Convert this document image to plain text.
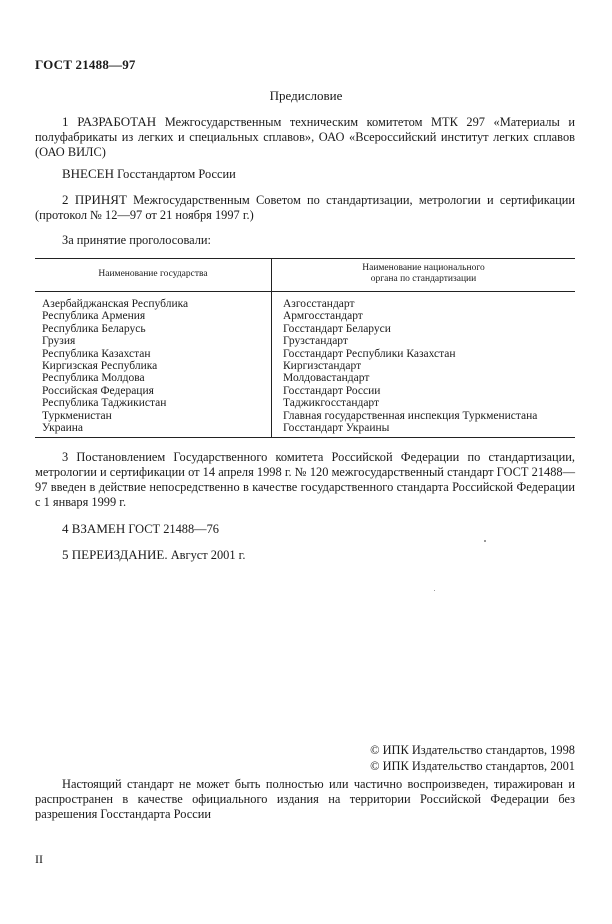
ГОСТ 21488—97
Предисловие
1 РАЗРАБОТАН Межгосударственным техническим комитетом МТК 297 «Материалы и полуфабрикаты из легких и специальных сплавов», ОАО «Всероссийский институт легких сплавов (ОАО ВИЛС)
ВНЕСЕН Госстандартом России
2 ПРИНЯТ Межгосударственным Советом по стандартизации, метрологии и сертификации (протокол № 12—97 от 21 ноября 1997 г.)
За принятие проголосовали:
Наименование государства
Наименование национального
органа по стандартизации
Азербайджанская Республика
Республика Армения
Республика Беларусь
Грузия
Республика Казахстан
Киргизская Республика
Республика Молдова
Российская Федерация
Республика Таджикистан
Туркменистан
Украина
Азгосстандарт
Армгосстандарт
Госстандарт Беларуси
Грузстандарт
Госстандарт Республики Казахстан
Киргизстандарт
Молдовастандарт
Госстандарт России
Таджикгосстандарт
Главная государственная инспекция Туркменистана
Госстандарт Украины
3 Постановлением Государственного комитета Российской Федерации по стандартизации, метрологии и сертификации от 14 апреля 1998 г. № 120 межгосударственный стандарт ГОСТ 21488—97 введен в действие непосредственно в качестве государственного стандарта Российской Федерации с 1 января 1999 г.
4 ВЗАМЕН ГОСТ 21488—76
5 ПЕРЕИЗДАНИЕ. Август 2001 г.
© ИПК Издательство стандартов, 1998
© ИПК Издательство стандартов, 2001
Настоящий стандарт не может быть полностью или частично воспроизведен, тиражирован и распространен в качестве официального издания на территории Российской Федерации без разрешения Госстандарта России
II
